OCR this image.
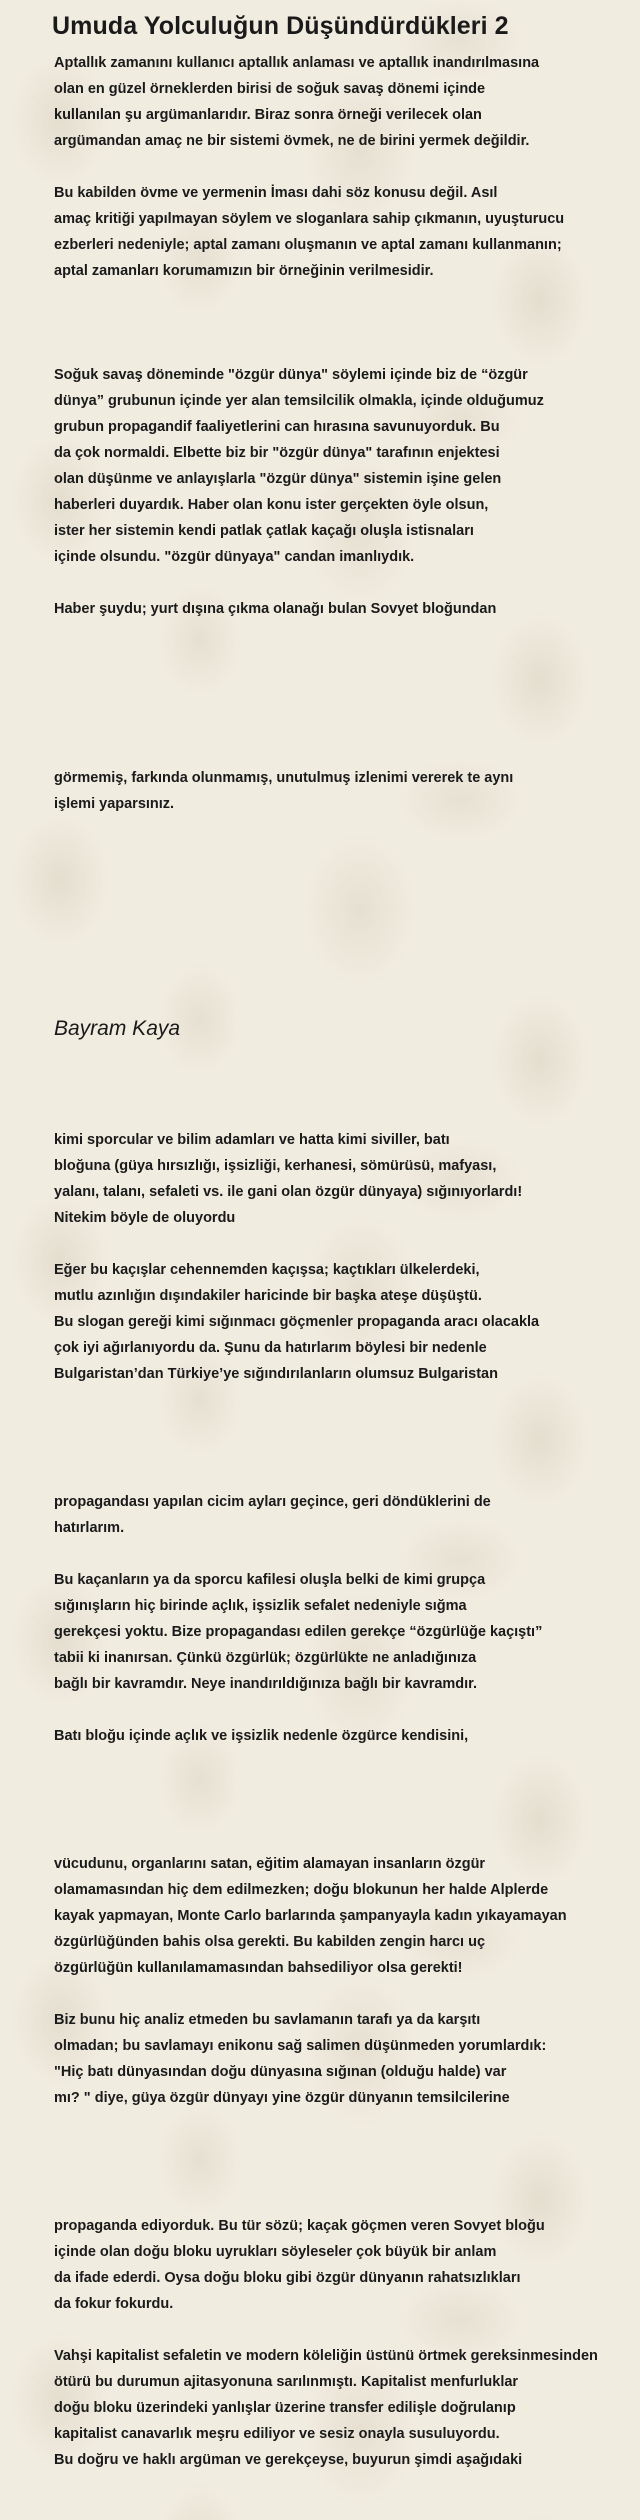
Umuda Yolculuğun Düşündürdükleri 2
Aptallık zamanını kullanıcı aptallık anlaması ve aptallık inandırılmasına
olan en güzel örneklerden birisi de soğuk savaş dönemi içinde
kullanılan şu argümanlarıdır. Biraz sonra örneği verilecek olan
argümandan amaç ne bir sistemi övmek, ne de birini yermek değildir.
Bu kabilden övme ve yermenin İması dahi söz konusu değil. Asıl
amaç kritiği yapılmayan söylem ve sloganlara sahip çıkmanın, uyuşturucu
ezberleri nedeniyle; aptal zamanı oluşmanın ve aptal zamanı kullanmanın;
aptal zamanları korumamızın bir örneğinin verilmesidir.
Soğuk savaş döneminde "özgür dünya" söylemi içinde biz de “özgür
dünya” grubunun içinde yer alan temsilcilik olmakla, içinde olduğumuz
grubun propagandif faaliyetlerini can hırasına savunuyorduk. Bu
da çok normaldi. Elbette biz bir "özgür dünya" tarafının enjektesi
olan düşünme ve anlayışlarla "özgür dünya" sistemin işine gelen
haberleri duyardık. Haber olan konu ister gerçekten öyle olsun,
ister her sistemin kendi patlak çatlak kaçağı oluşla istisnaları
içinde olsundu. "özgür dünyaya" candan imanlıydık.
Haber şuydu; yurt dışına çıkma olanağı bulan Sovyet bloğundan
görmemiş, farkında olunmamış, unutulmuş izlenimi vererek te aynı
işlemi yaparsınız.
Bayram Kaya
kimi sporcular ve bilim adamları ve hatta kimi siviller, batı
bloğuna (güya hırsızlığı, işsizliği, kerhanesi, sömürüsü, mafyası,
yalanı, talanı, sefaleti vs. ile gani olan özgür dünyaya) sığınıyorlardı!
Nitekim böyle de oluyordu
Eğer bu kaçışlar cehennemden kaçışsa; kaçtıkları ülkelerdeki,
mutlu azınlığın dışındakiler haricinde bir başka ateşe düşüştü.
Bu slogan gereği kimi sığınmacı göçmenler propaganda aracı olacakla
çok iyi ağırlanıyordu da. Şunu da hatırlarım böylesi bir nedenle
Bulgaristan’dan Türkiye’ye sığındırılanların olumsuz Bulgaristan
propagandası yapılan cicim ayları geçince, geri döndüklerini de
hatırlarım.
Bu kaçanların ya da sporcu kafilesi oluşla belki de kimi grupça
sığınışların hiç birinde açlık, işsizlik sefalet nedeniyle sığma
gerekçesi yoktu. Bize propagandası edilen gerekçe “özgürlüğe kaçıştı”
tabii ki inanırsan. Çünkü özgürlük; özgürlükte ne anladığınıza
bağlı bir kavramdır. Neye inandırıldığınıza bağlı bir kavramdır.
Batı bloğu içinde açlık ve işsizlik nedenle özgürce kendisini,
vücudunu, organlarını satan, eğitim alamayan insanların özgür
olamamasından hiç dem edilmezken; doğu blokunun her halde Alplerde
kayak yapmayan, Monte Carlo barlarında şampanyayla kadın yıkayamayan
özgürlüğünden bahis olsa gerekti. Bu kabilden zengin harcı uç
özgürlüğün kullanılamamasından bahsediliyor olsa gerekti!
Biz bunu hiç analiz etmeden bu savlamanın tarafı ya da karşıtı
olmadan; bu savlamayı enikonu sağ salimen düşünmeden yorumlardık:
"Hiç batı dünyasından doğu dünyasına sığınan (olduğu halde) var
mı? " diye, güya özgür dünyayı yine özgür dünyanın temsilcilerine
propaganda ediyorduk. Bu tür sözü; kaçak göçmen veren Sovyet bloğu
içinde olan doğu bloku uyrukları söyleseler çok büyük bir anlam
da ifade ederdi. Oysa doğu bloku gibi özgür dünyanın rahatsızlıkları
da fokur fokurdu.
Vahşi kapitalist sefaletin ve modern köleliğin üstünü örtmek gereksinmesinden
ötürü bu durumun ajitasyonuna sarılınmıştı. Kapitalist menfurluklar
doğu bloku üzerindeki yanlışlar üzerine transfer edilişle doğrulanıp
kapitalist canavarlık meşru ediliyor ve sesiz onayla susuluyordu.
Bu doğru ve haklı argüman ve gerekçeyse, buyurun şimdi aşağıdaki
